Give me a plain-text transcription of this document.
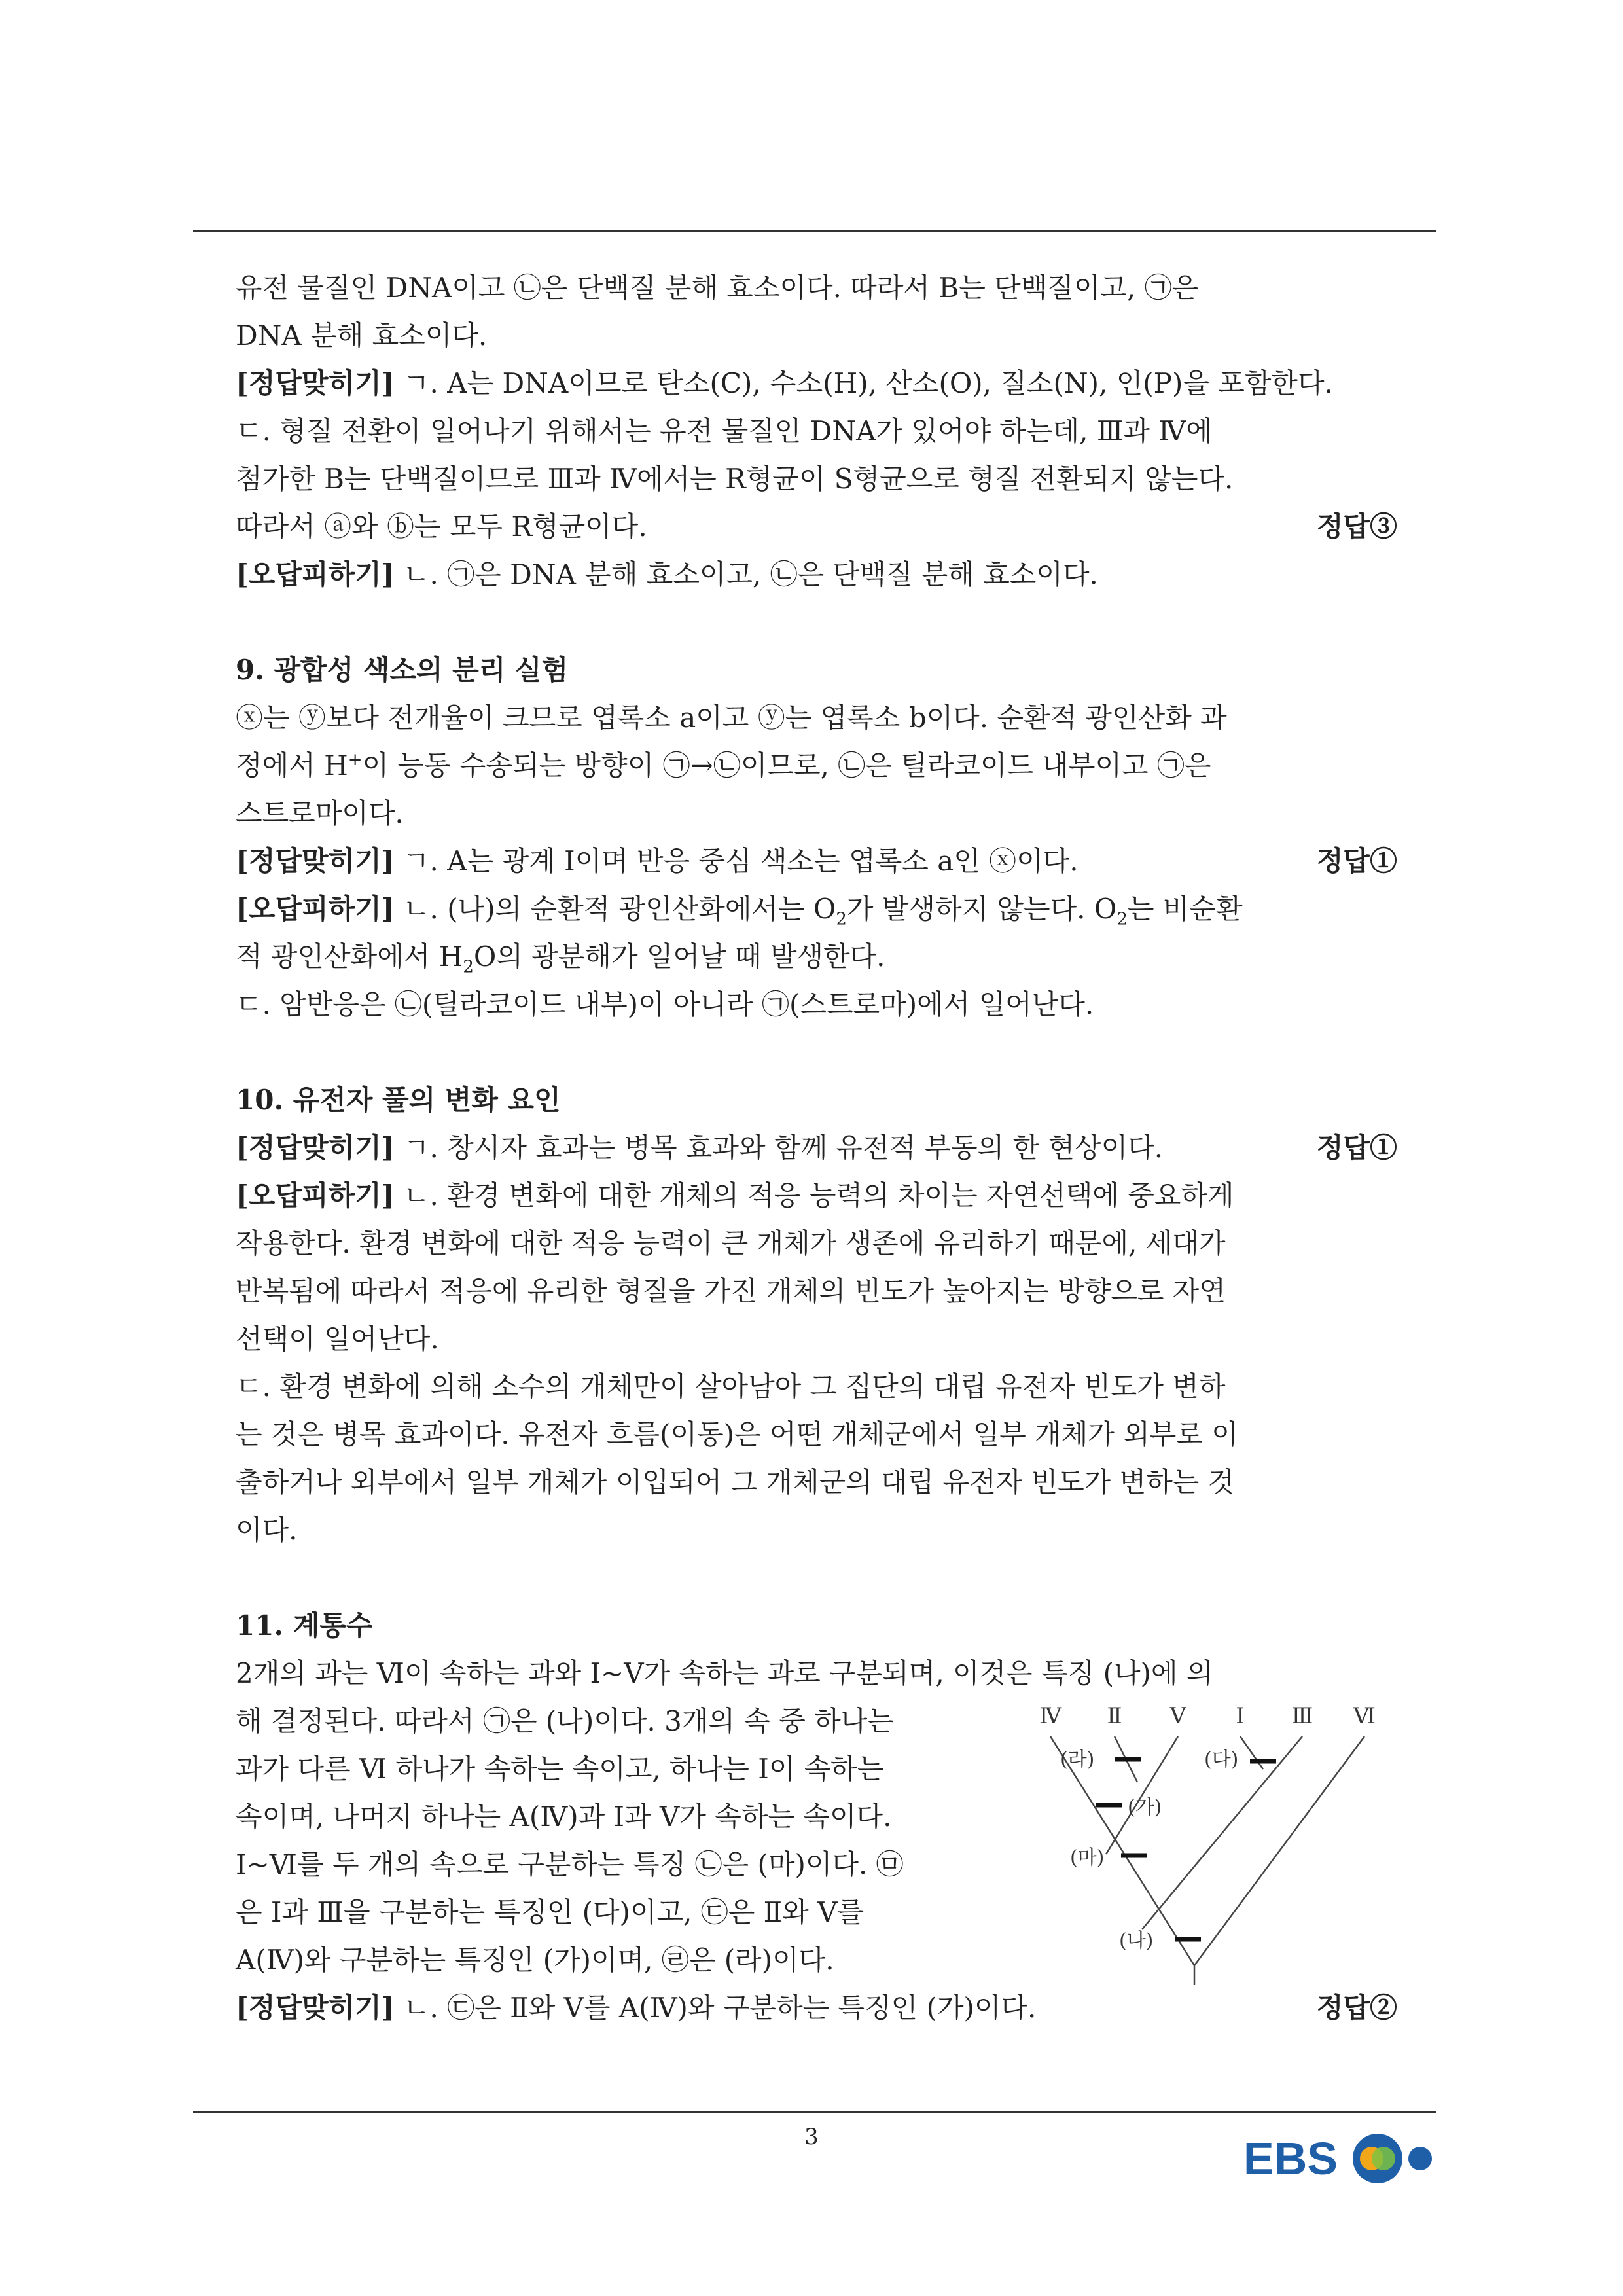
유전 물질인 DNA이고 ㉡은 단백질 분해 효소이다. 따라서 B는 단백질이고, ㉠은

DNA 분해 효소이다.

[정답맞히기] ㄱ. A는 DNA이므로 탄소(C), 수소(H), 산소(O), 질소(N), 인(P)을 포함한다.

ㄷ. 형질 전환이 일어나기 위해서는 유전 물질인 DNA가 있어야 하는데, Ⅲ과 Ⅳ에

첨가한 B는 단백질이므로 Ⅲ과 Ⅳ에서는 R형균이 S형균으로 형질 전환되지 않는다.

따라서 ⓐ와 ⓑ는 모두 R형균이다.	정답③

[오답피하기] ㄴ. ㉠은 DNA 분해 효소이고, ㉡은 단백질 분해 효소이다.

9. 광합성 색소의 분리 실험

ⓧ는 ⓨ보다 전개율이 크므로 엽록소 a이고 ⓨ는 엽록소 b이다. 순환적 광인산화 과

정에서 H+이 능동 수송되는 방향이 ㉠→㉡이므로, ㉡은 틸라코이드 내부이고 ㉠은

스트로마이다.

[정답맞히기] ㄱ. A는 광계 Ⅰ이며 반응 중심 색소는 엽록소 a인 ⓧ이다.	정답①

[오답피하기] ㄴ. (나)의 순환적 광인산화에서는 $O_2$가 발생하지 않는다. $O_2$는 비순환

적 광인산화에서 $H_2O$의 광분해가 일어날 때 발생한다.

ㄷ. 암반응은 ㉡(틸라코이드 내부)이 아니라 ㉠(스트로마)에서 일어난다.

10. 유전자 풀의 변화 요인

[정답맞히기] ㄱ. 창시자 효과는 병목 효과와 함께 유전적 부동의 한 현상이다.	정답①

[오답피하기] ㄴ. 환경 변화에 대한 개체의 적응 능력의 차이는 자연선택에 중요하게

작용한다. 환경 변화에 대한 적응 능력이 큰 개체가 생존에 유리하기 때문에, 세대가

반복됨에 따라서 적응에 유리한 형질을 가진 개체의 빈도가 높아지는 방향으로 자연

선택이 일어난다.

ㄷ. 환경 변화에 의해 소수의 개체만이 살아남아 그 집단의 대립 유전자 빈도가 변하

는 것은 병목 효과이다. 유전자 흐름(이동)은 어떤 개체군에서 일부 개체가 외부로 이

출하거나 외부에서 일부 개체가 이입되어 그 개체군의 대립 유전자 빈도가 변하는 것

이다.

11. 계통수

2개의 과는 Ⅵ이 속하는 과와 Ⅰ~Ⅴ가 속하는 과로 구분되며, 이것은 특징 (나)에 의

해 결정된다. 따라서 ㉠은 (나)이다. 3개의 속 중 하나는

과가 다른 Ⅵ 하나가 속하는 속이고, 하나는 Ⅰ이 속하는

속이며, 나머지 하나는 A(Ⅳ)과 Ⅰ과 Ⅴ가 속하는 속이다.

Ⅰ~Ⅵ를 두 개의 속으로 구분하는 특징 ㉡은 (마)이다. ㉤

은 Ⅰ과 Ⅲ을 구분하는 특징인 (다)이고, ㉢은 Ⅱ와 Ⅴ를

A(Ⅳ)와 구분하는 특징인 (가)이며, ㉣은 (라)이다.

Ⅳ Ⅱ Ⅴ Ⅰ Ⅲ Ⅵ
(라)	(다)
(가)
(마)
(나)

[정답맞히기] ㄴ. ㉢은 Ⅱ와 Ⅴ를 A(Ⅳ)와 구분하는 특징인 (가)이다.	정답②

3	EBS
